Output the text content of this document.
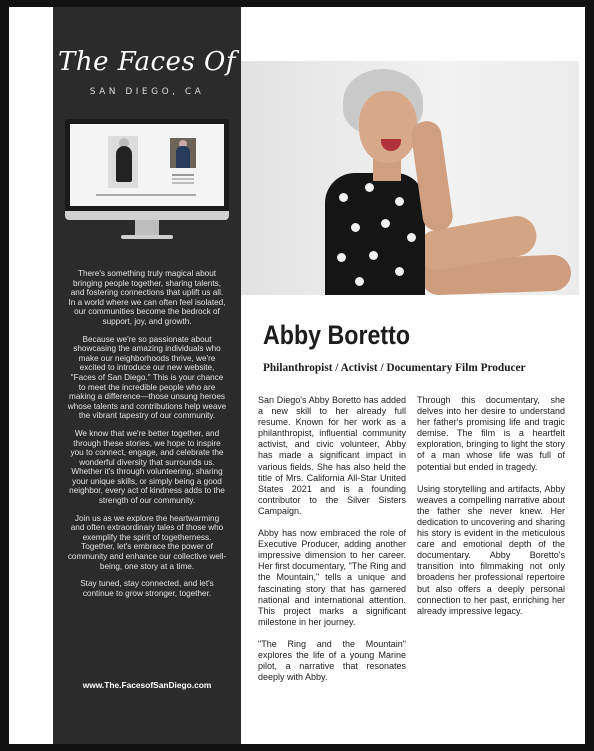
The Faces Of
SAN DIEGO, CA

There's something truly magical about bringing people together, sharing talents, and fostering connections that uplift us all. In a world where we can often feel isolated, our communities become the bedrock of support, joy, and growth.

Because we're so passionate about showcasing the amazing individuals who make our neighborhoods thrive, we're excited to introduce our new website, "Faces of San Diego." This is your chance to meet the incredible people who are making a difference—those unsung heroes whose talents and contributions help weave the vibrant tapestry of our community.

We know that we're better together, and through these stories, we hope to inspire you to connect, engage, and celebrate the wonderful diversity that surrounds us. Whether it's through volunteering, sharing your unique skills, or simply being a good neighbor, every act of kindness adds to the strength of our community.

Join us as we explore the heartwarming and often extraordinary tales of those who exemplify the spirit of togetherness. Together, let's embrace the power of community and enhance our collective well-being, one story at a time.

Stay tuned, stay connected, and let's continue to grow stronger, together.

www.The.FacesofSanDiego.com
Abby Boretto
Philanthropist / Activist / Documentary Film Producer

San Diego's Abby Boretto has added a new skill to her already full resume. Known for her work as a philanthropist, influential community activist, and civic volunteer, Abby has made a significant impact in various fields. She has also held the title of Mrs. California All-Star United States 2021 and is a founding contributor to the Silver Sisters Campaign.

Abby has now embraced the role of Executive Producer, adding another impressive dimension to her career. Her first documentary, "The Ring and the Mountain," tells a unique and fascinating story that has garnered national and international attention. This project marks a significant milestone in her journey.

"The Ring and the Mountain" explores the life of a young Marine pilot, a narrative that resonates deeply with Abby.

Through this documentary, she delves into her desire to understand her father's promising life and tragic demise. The film is a heartfelt exploration, bringing to light the story of a man whose life was full of potential but ended in tragedy.

Using storytelling and artifacts, Abby weaves a compelling narrative about the father she never knew. Her dedication to uncovering and sharing his story is evident in the meticulous care and emotional depth of the documentary. Abby Boretto's transition into filmmaking not only broadens her professional repertoire but also offers a deeply personal connection to her past, enriching her already impressive legacy.
